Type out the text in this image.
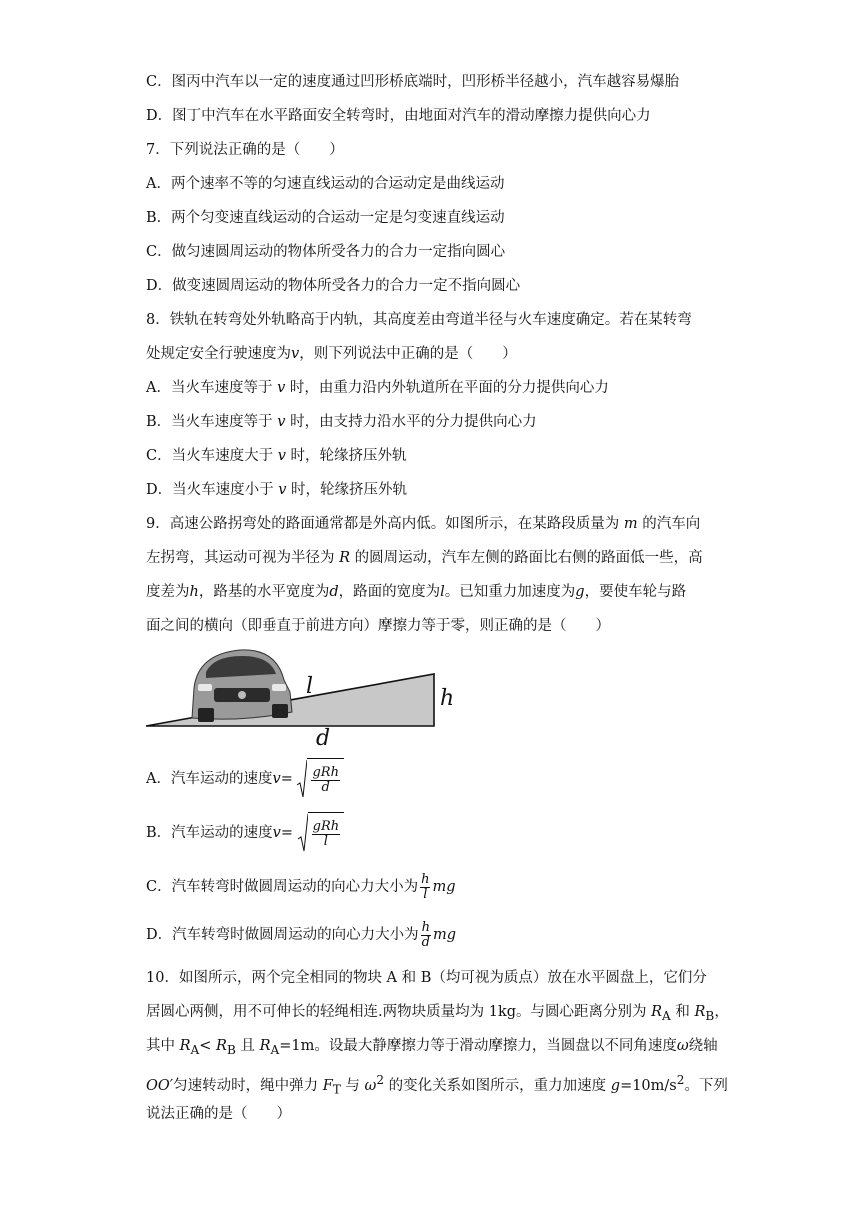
C．图丙中汽车以一定的速度通过凹形桥底端时，凹形桥半径越小，汽车越容易爆胎
D．图丁中汽车在水平路面安全转弯时，由地面对汽车的滑动摩擦力提供向心力
7．下列说法正确的是（　　）
A．两个速率不等的匀速直线运动的合运动定是曲线运动
B．两个匀变速直线运动的合运动一定是匀变速直线运动
C．做匀速圆周运动的物体所受各力的合力一定指向圆心
D．做变速圆周运动的物体所受各力的合力一定不指向圆心
8．铁轨在转弯处外轨略高于内轨，其高度差由弯道半径与火车速度确定。若在某转弯
处规定安全行驶速度为v，则下列说法中正确的是（　　）
A．当火车速度等于 v 时，由重力沿内外轨道所在平面的分力提供向心力
B．当火车速度等于 v 时，由支持力沿水平的分力提供向心力
C．当火车速度大于 v 时，轮缘挤压外轨
D．当火车速度小于 v 时，轮缘挤压外轨
9．高速公路拐弯处的路面通常都是外高内低。如图所示，在某路段质量为 m 的汽车向
左拐弯，其运动可视为半径为 R 的圆周运动，汽车左侧的路面比右侧的路面低一些，高
度差为h，路基的水平宽度为d，路面的宽度为l。已知重力加速度为g，要使车轮与路
面之间的横向（即垂直于前进方向）摩擦力等于零，则正确的是（　　）
l	h
d
A．汽车运动的速度$v= \frac{\text{gRh}}{d}$
B．汽车运动的速度$v= \frac{\text{gRh}}{l}$
C．汽车转弯时做圆周运动的向心力大小为 $\frac{h}{l}$ mg
D．汽车转弯时做圆周运动的向心力大小为 $\frac{h}{d}$ mg
10．如图所示，两个完全相同的物块 A 和 B（均可视为质点）放在水平圆盘上，它们分
居圆心两侧，用不可伸长的轻绳相连.两物块质量均为 1kg。与圆心距离分别为 $R_A$ 和 $R_B$，
其中 $R_A< R_B$ 且 $R_A=1m$。设最大静摩擦力等于滑动摩擦力，当圆盘以不同角速度ω绕轴
OO′匀速转动时，绳中弹力 $F_T$ 与 $\omega^2$ 的变化关系如图所示，重力加速度 $g=10m/s^2$。下列
说法正确的是（　　）
